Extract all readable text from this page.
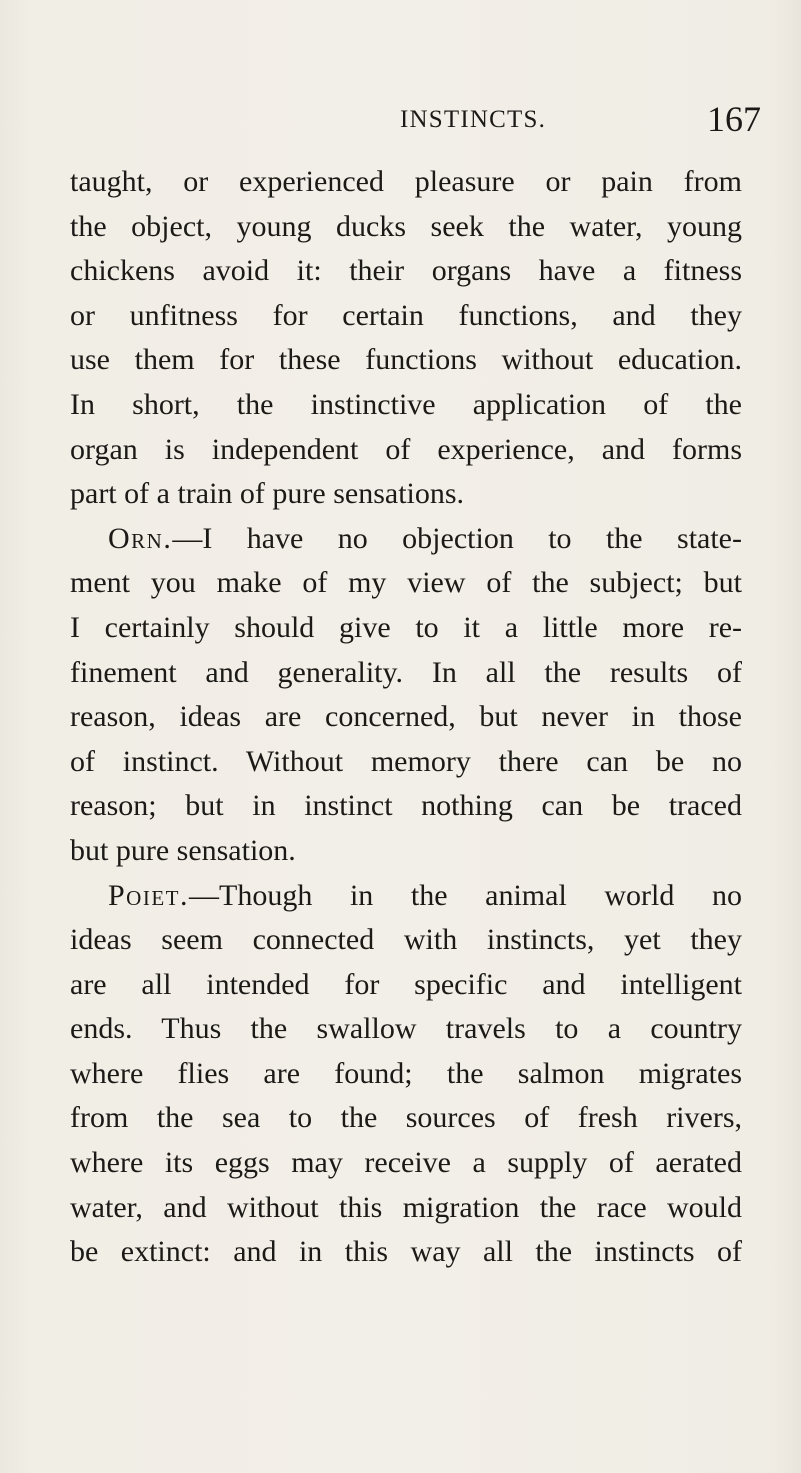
INSTINCTS.	167
taught, or experienced pleasure or pain from
the object, young ducks seek the water, young
chickens avoid it: their organs have a fitness
or unfitness for certain functions, and they
use them for these functions without education.
In short, the instinctive application of the
organ is independent of experience, and forms
part of a train of pure sensations.
Orn.—I have no objection to the state-
ment you make of my view of the subject; but
I certainly should give to it a little more re-
finement and generality. In all the results of
reason, ideas are concerned, but never in those
of instinct. Without memory there can be no
reason; but in instinct nothing can be traced
but pure sensation.
Poiet.—Though in the animal world no
ideas seem connected with instincts, yet they
are all intended for specific and intelligent
ends. Thus the swallow travels to a country
where flies are found; the salmon migrates
from the sea to the sources of fresh rivers,
where its eggs may receive a supply of aerated
water, and without this migration the race would
be extinct: and in this way all the instincts of
